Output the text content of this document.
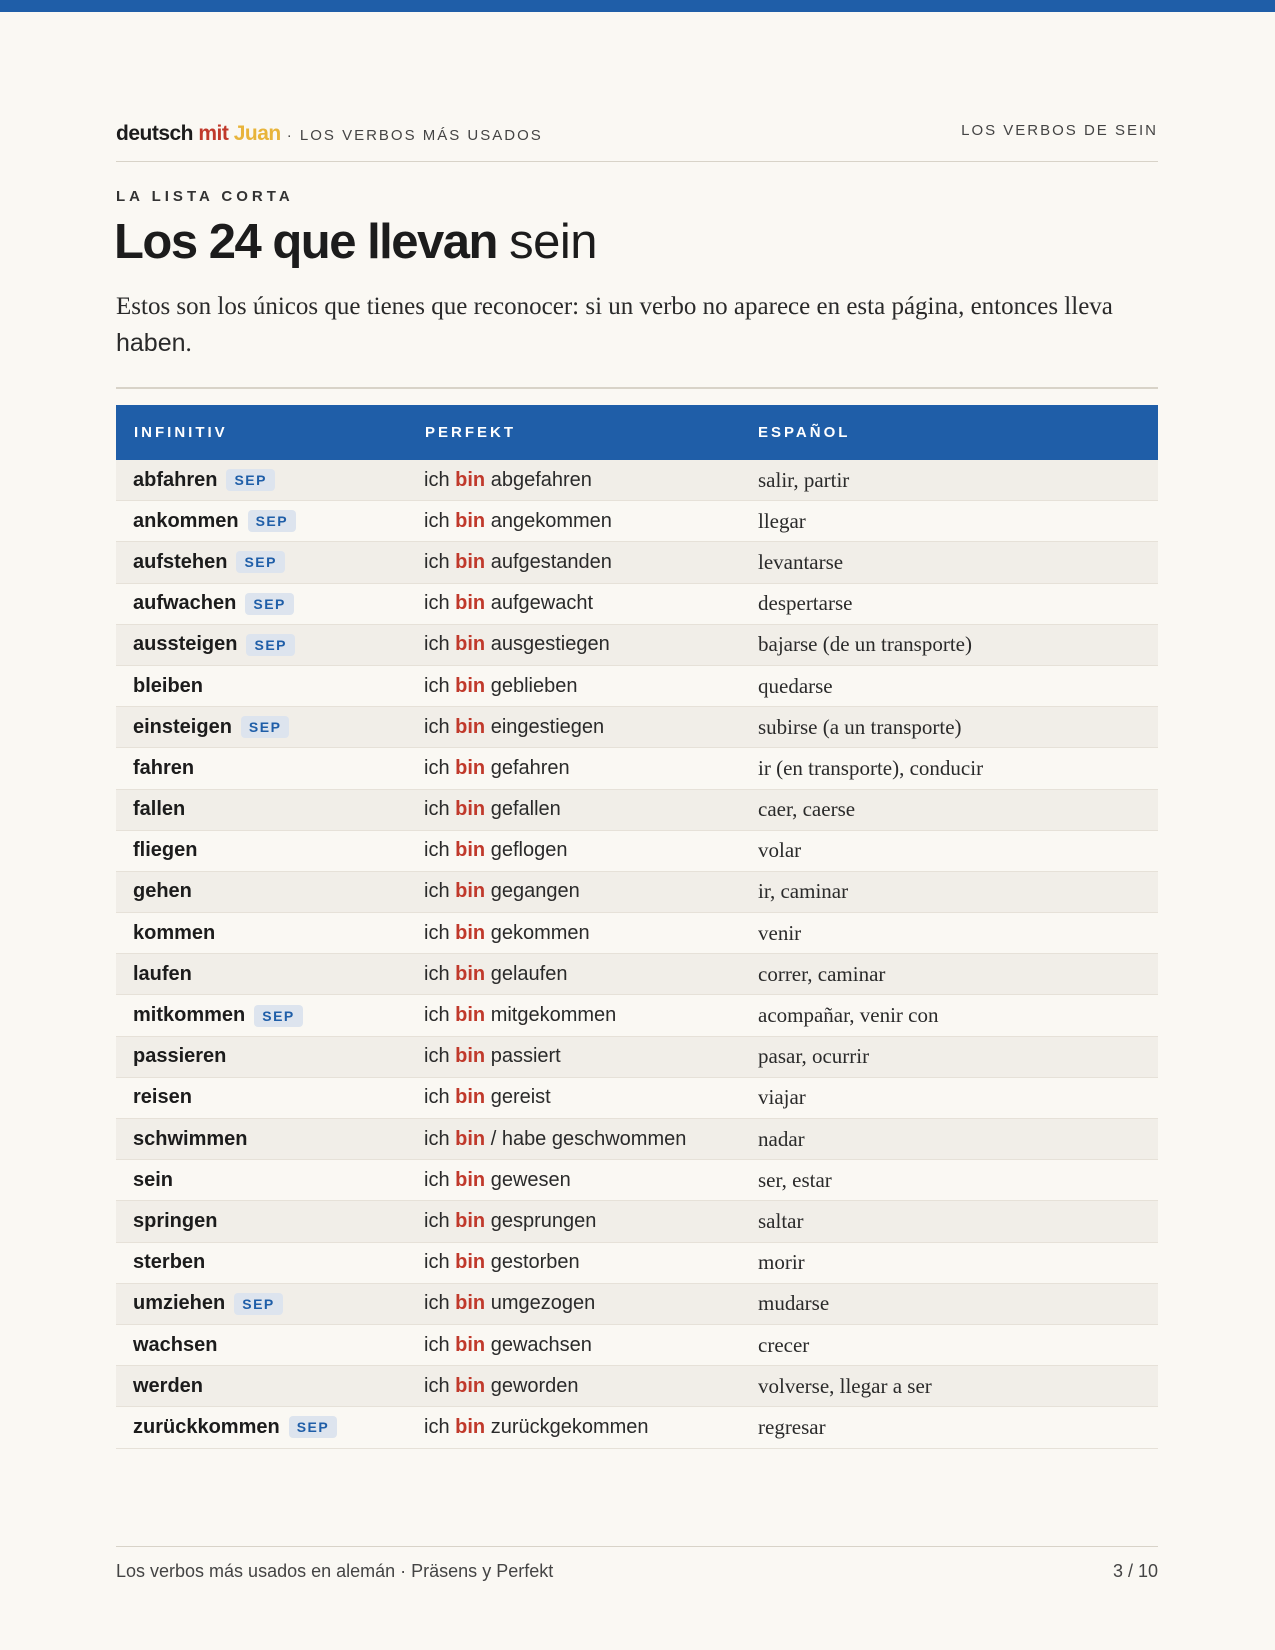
deutsch mit Juan · LOS VERBOS MÁS USADOS	LOS VERBOS DE SEIN
LA LISTA CORTA
Los 24 que llevan sein

Estos son los únicos que tienes que reconocer: si un verbo no aparece en esta página, entonces lleva haben.

INFINITIV	PERFEKT	ESPAÑOL
abfahren	SEP	ich bin abgefahren	salir, partir
ankommen	SEP	ich bin angekommen	llegar
aufstehen	SEP	ich bin aufgestanden	levantarse
aufwachen	SEP	ich bin aufgewacht	despertarse
aussteigen	SEP	ich bin ausgestiegen	bajarse (de un transporte)
bleiben	ich bin geblieben	quedarse
einsteigen	SEP	ich bin eingestiegen	subirse (a un transporte)
fahren	ich bin gefahren	ir (en transporte), conducir
fallen	ich bin gefallen	caer, caerse
fliegen	ich bin geflogen	volar
gehen	ich bin gegangen	ir, caminar
kommen	ich bin gekommen	venir
laufen	ich bin gelaufen	correr, caminar
mitkommen	SEP	ich bin mitgekommen	acompañar, venir con
passieren	ich bin passiert	pasar, ocurrir
reisen	ich bin gereist	viajar
schwimmen	ich bin / habe geschwommen	nadar
sein	ich bin gewesen	ser, estar
springen	ich bin gesprungen	saltar
sterben	ich bin gestorben	morir
umziehen	SEP	ich bin umgezogen	mudarse
wachsen	ich bin gewachsen	crecer
werden	ich bin geworden	volverse, llegar a ser
zurückkommen	SEP	ich bin zurückgekommen	regresar
Los verbos más usados en alemán · Präsens y Perfekt	3 / 10
